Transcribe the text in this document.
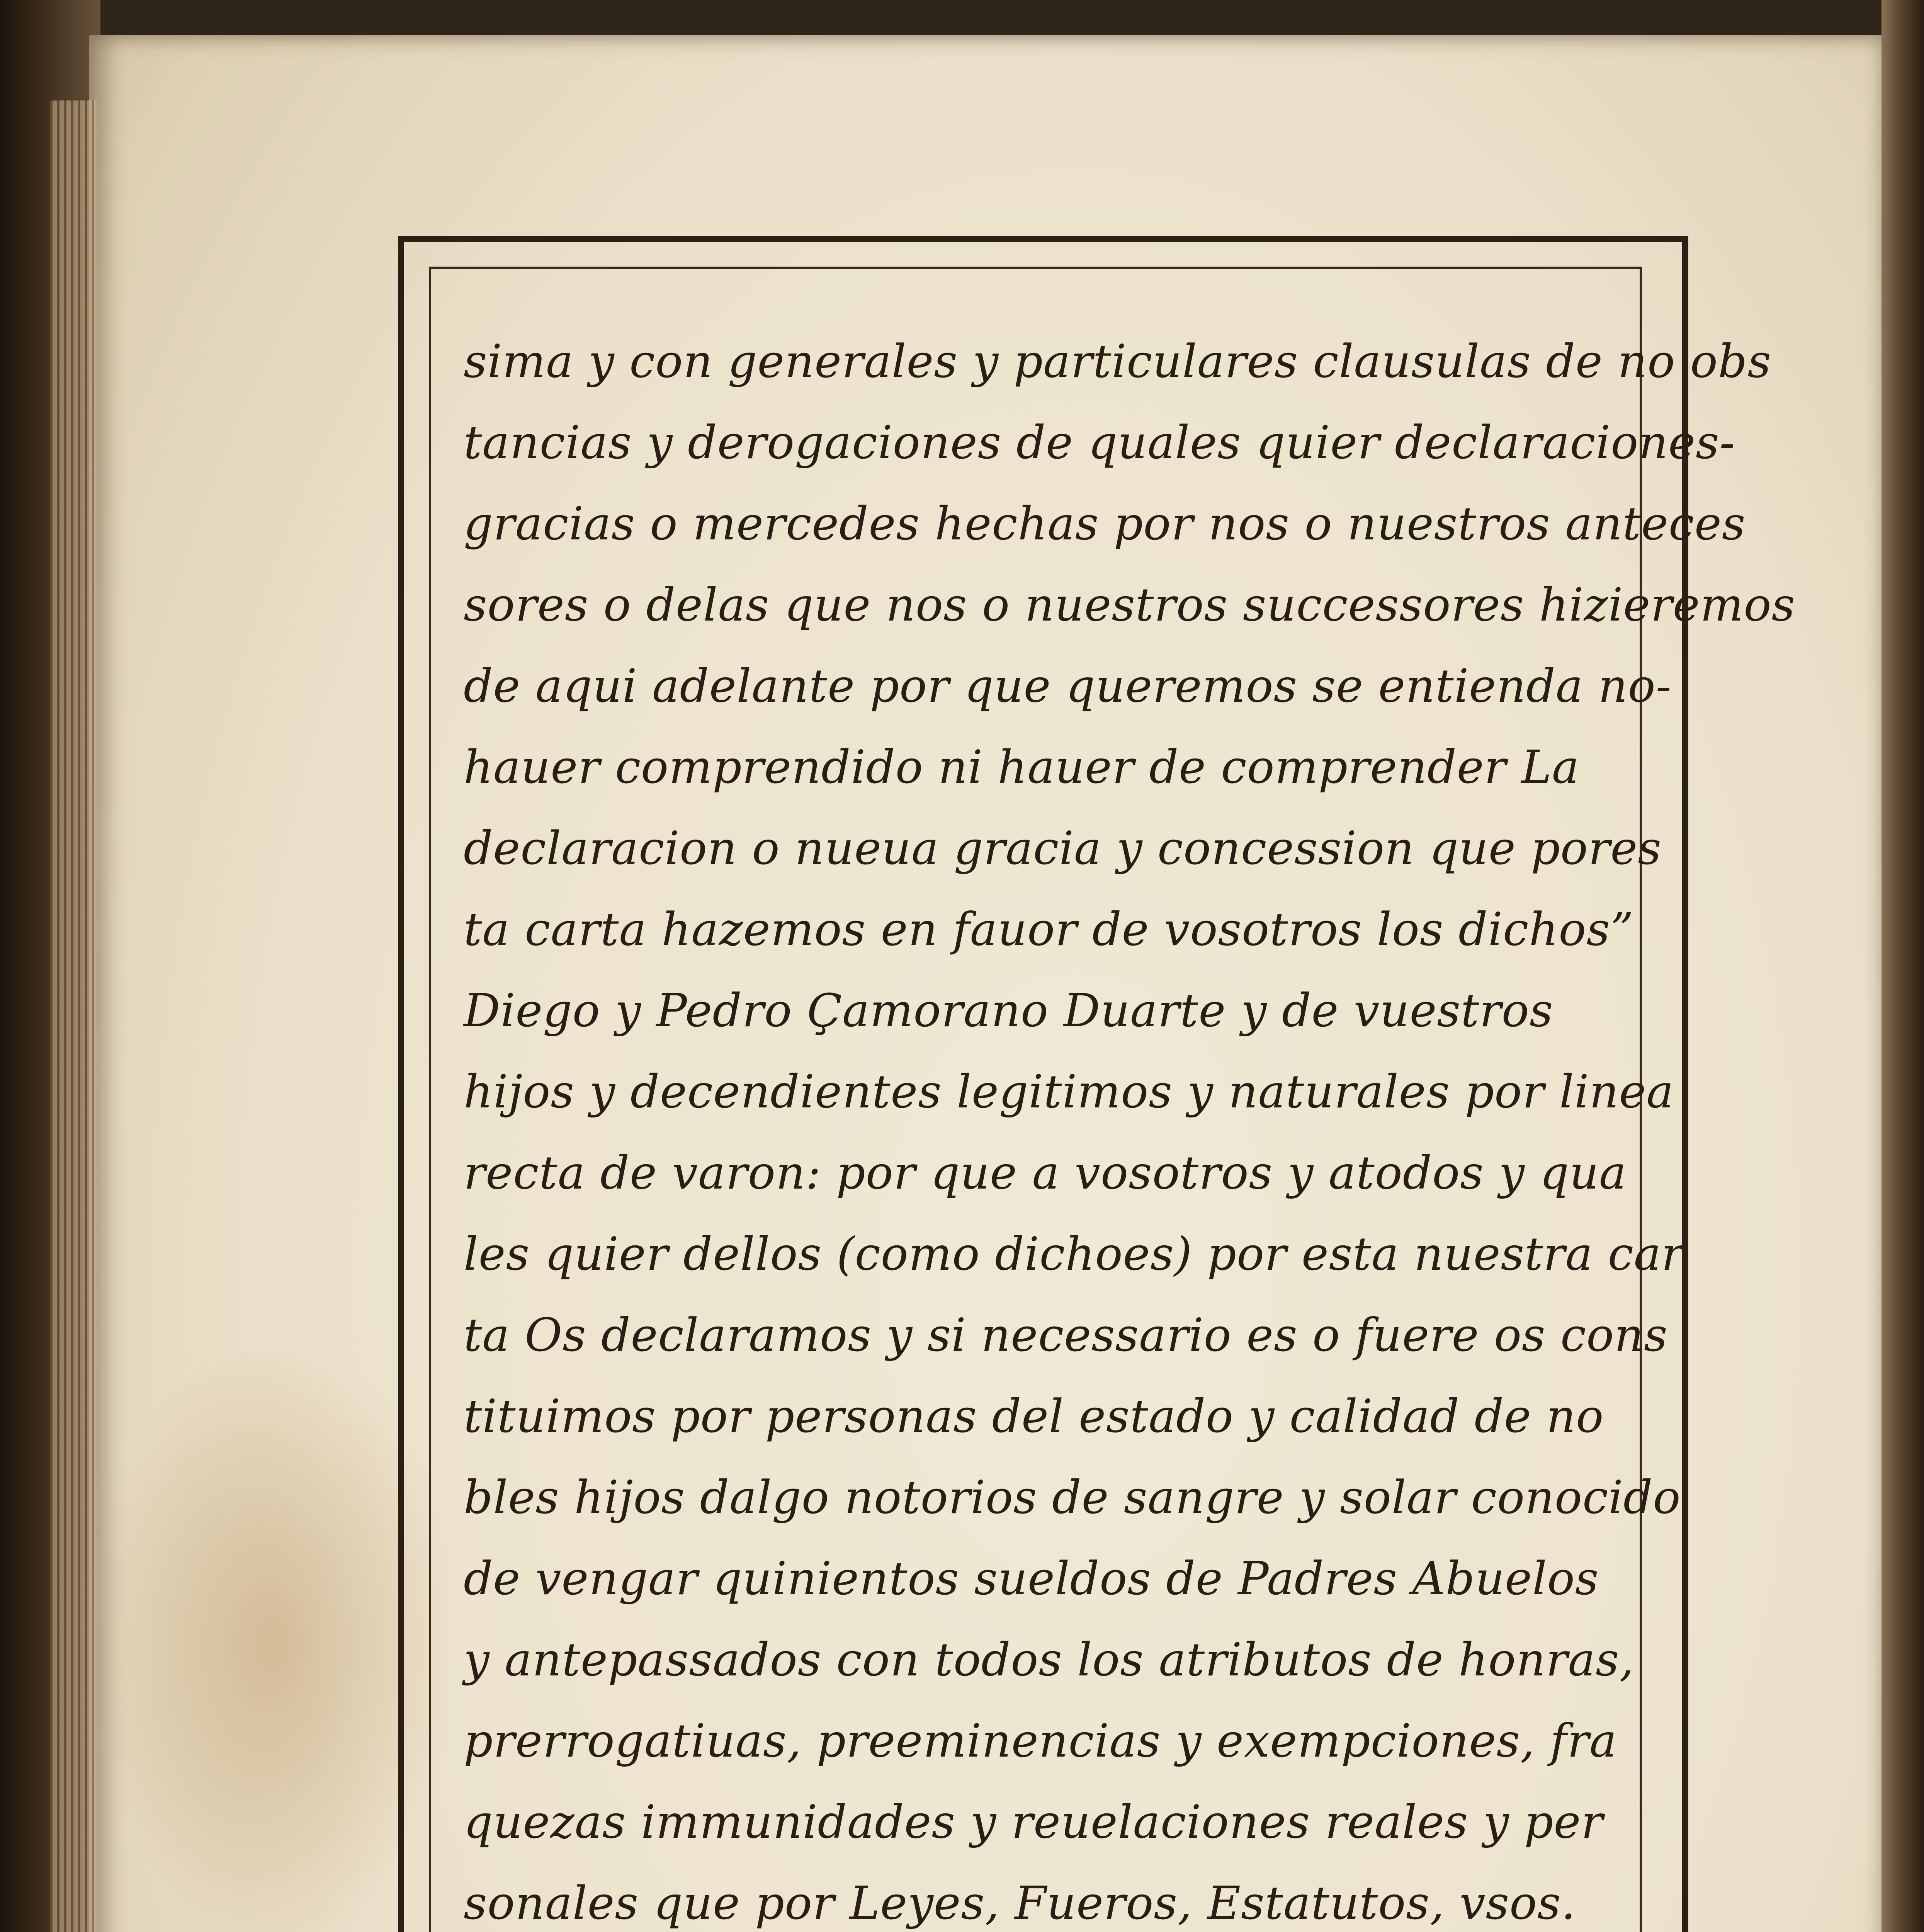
sima y con generales y particulares clausulas de no obs
tancias y derogaciones de quales quier declaraciones-
gracias o mercedes hechas por nos o nuestros anteces
sores o delas que nos o nuestros successores hizieremos
de aqui adelante por que queremos se entienda no-
hauer comprendido ni hauer de comprender La
declaracion o nueua gracia y concession que pores
ta carta hazemos en fauor de vosotros los dichos”
Diego y Pedro Çamorano Duarte y de vuestros
hijos y decendientes legitimos y naturales por linea
recta de varon: por que a vosotros y atodos y qua
les quier dellos (como dichoes) por esta nuestra car
ta Os declaramos y si necessario es o fuere os cons
tituimos por personas del estado y calidad de no
bles hijos dalgo notorios de sangre y solar conocido
de vengar quinientos sueldos de Padres Abuelos
y antepassados con todos los atributos de honras,
prerrogatiuas, preeminencias y exempciones, fra
quezas immunidades y reuelaciones reales y per
sonales que por Leyes, Fueros, Estatutos, vsos.
